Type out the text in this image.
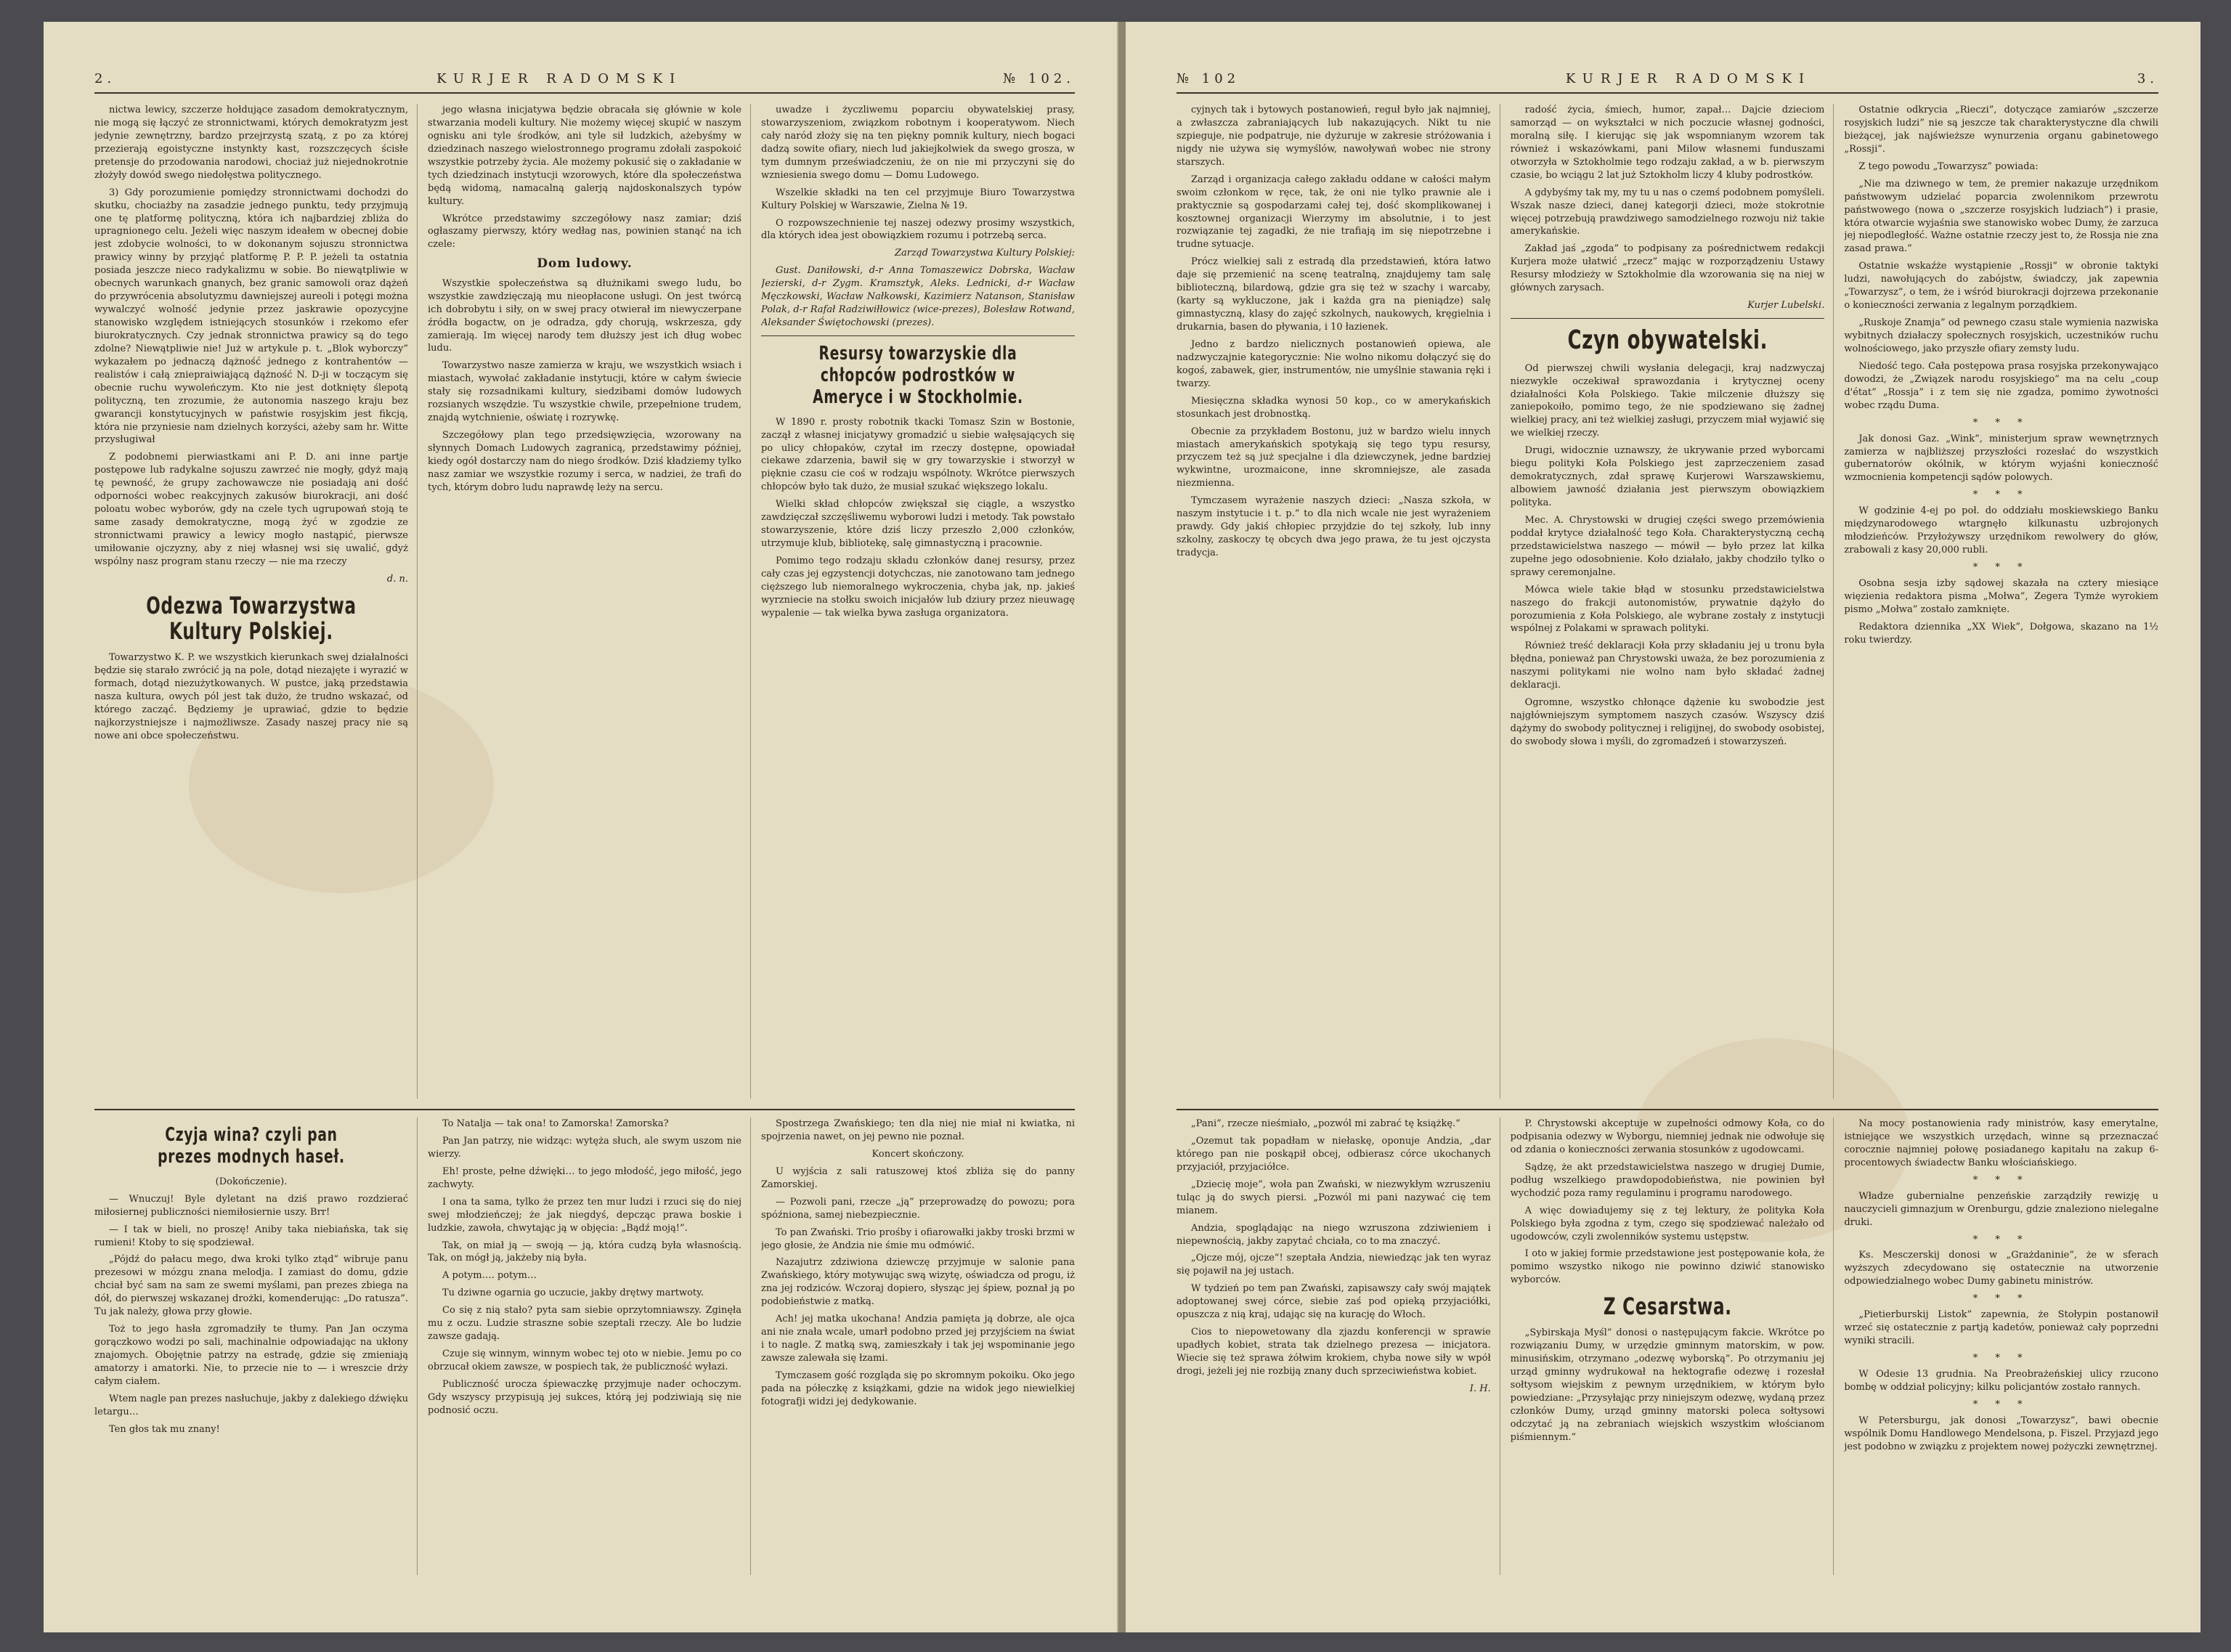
2.	KURJER RADOMSKI	№ 102.

nictwa lewicy, szczerze hołdujące zasadom demokratycznym, nie mogą się łączyć ze stronnictwami, których demokratyzm jest jedynie zewnętrzny, bardzo przejrzystą szatą, z po za której przezierają egoistyczne instynkty kast, rozszczęcych ścisłe pretensje do przodowania narodowi, chociaż już niejednokrotnie złożyły dowód swego niedołęstwa politycznego.

3) Gdy porozumienie pomiędzy stronnictwami dochodzi do skutku, chociażby na zasadzie jednego punktu, tedy przyjmują one tę platformę polityczną, która ich najbardziej zbliża do upragnionego celu. Jeżeli więc naszym ideałem w obecnej dobie jest zdobycie wolności, to w dokonanym sojuszu stronnictwa prawicy winny by przyjąć platformę P. P. P. jeżeli ta ostatnia posiada jeszcze nieco radykalizmu w sobie. Bo niewątpliwie w obecnych warunkach gnanych, bez granic samowoli oraz dążeń do przywrócenia absolutyzmu dawniejszej aureoli i potęgi można wywalczyć wolność jedynie przez jaskrawie opozycyjne stanowisko względem istniejących stosunków i rzekomo efer biurokratycznych. Czy jednak stronnictwa prawicy są do tego zdolne? Niewątpliwie nie! Już w artykule p. t. „Blok wyborczy” wykazałem po jednaczą dążność jednego z kontrahentów — realistów i całą zniepraiwiającą dążność N. D-ji w toczącym się obecnie ruchu wywoleńczym. Kto nie jest dotknięty ślepotą polityczną, ten zrozumie, że autonomia naszego kraju bez gwarancji konstytucyjnych w państwie rosyjskim jest fikcją, która nie przyniesie nam dzielnych korzyści, ażeby sam hr. Witte przysługiwał

Z podobnemi pierwiastkami ani P. D. ani inne partje postępowe lub radykalne sojuszu zawrzeć nie mogły, gdyż mają tę pewność, że grupy zachowawcze nie posiadają ani dość odporności wobec reakcyjnych zakusów biurokracji, ani dość poloatu wobec wyborów, gdy na czele tych ugrupowań stoją te same zasady demokratyczne, mogą żyć w zgodzie ze stronnictwami prawicy a lewicy mogło nastąpić, pierwsze umiłowanie ojczyzny, aby z niej własnej wsi się uwalić, gdyż wspólny nasz program stanu rzeczy — nie ma rzeczy

d. n.

Odezwa Towarzystwa Kultury Polskiej.

Towarzystwo K. P. we wszystkich kierunkach swej działalności będzie się starało zwrócić ją na pole, dotąd niezajęte i wyrazić w formach, dotąd niezużytkowanych. W pustce, jaką przedstawia nasza kultura, owych pól jest tak dużo, że trudno wskazać, od którego zacząć. Będziemy je uprawiać, gdzie to będzie najkorzystniejsze i najmożliwsze. Zasady naszej pracy nie są nowe ani obce społeczeństwu.

jego własna inicjatywa będzie obracała się głównie w kole stwarzania modeli kultury. Nie możemy więcej skupić w naszym ognisku ani tyle środków, ani tyle sił ludzkich, ażebyśmy w dziedzinach naszego wielostronnego programu zdołali zaspokoić wszystkie potrzeby życia. Ale możemy pokusić się o zakładanie w tych dziedzinach instytucji wzorowych, które dla społeczeństwa będą widomą, namacalną galerją najdoskonalszych typów kultury.

Wkrótce przedstawimy szczegółowy nasz zamiar; dziś ogłaszamy pierwszy, który wedłag nas, powinien stanąć na ich czele:

Dom ludowy.

Wszystkie społeczeństwa są dłużnikami swego ludu, bo wszystkie zawdzięczają mu nieopłacone usługi. On jest twórcą ich dobrobytu i siły, on w swej pracy otwierał im niewyczerpane źródła bogactw, on je odradza, gdy chorują, wskrzesza, gdy zamierają. Im więcej narody tem dłuższy jest ich dług wobec ludu.

Towarzystwo nasze zamierza w kraju, we wszystkich wsiach i miastach, wywołać zakładanie instytucji, które w całym świecie stały się rozsadnikami kultury, siedzibami domów ludowych rozsianych wszędzie. Tu wszystkie chwile, przepełnione trudem, znajdą wytchnienie, oświatę i rozrywkę.

Szczegółowy plan tego przedsięwzięcia, wzorowany na słynnych Domach Ludowych zagranicą, przedstawimy później, kiedy ogół dostarczy nam do niego środków. Dziś kładziemy tylko nasz zamiar we wszystkie rozumy i serca, w nadziei, że trafi do tych, którym dobro ludu naprawdę leży na sercu.

uwadze i życzliwemu poparciu obywatelskiej prasy, stowarzyszeniom, związkom robotnym i kooperatywom. Niech cały naród złoży się na ten piękny pomnik kultury, niech bogaci dadzą sowite ofiary, niech lud jakiejkolwiek da swego grosza, w tym dumnym przeświadczeniu, że on nie mi przyczyni się do wzniesienia swego domu — Domu Ludowego.

Wszelkie składki na ten cel przyjmuje Biuro Towarzystwa Kultury Polskiej w Warszawie, Zielna № 19.

O rozpowszechnienie tej naszej odezwy prosimy wszystkich, dla których idea jest obowiązkiem rozumu i potrzebą serca.

Zarząd Towarzystwa Kultury Polskiej:

Gust. Daniłowski, d-r Anna Tomaszewicz Dobrska, Wacław Jezierski, d-r Zygm. Kramsztyk, Aleks. Lednicki, d-r Wacław Męczkowski, Wacław Nałkowski, Kazimierz Natanson, Stanisław Polak, d-r Rafał Radziwiłłowicz (wice-prezes), Bolesław Rotwand, Aleksander Świętochowski (prezes).

Resursy towarzyskie dla chłopców podrostków w Ameryce i w Stockholmie.

W 1890 r. prosty robotnik tkacki Tomasz Szin w Bostonie, zaczął z własnej inicjatywy gromadzić u siebie wałęsających się po ulicy chłopaków, czytał im rzeczy dostępne, opowiadał ciekawe zdarzenia, bawił się w gry towarzyskie i stworzył w pięknie czasu cie coś w rodzaju wspólnoty. Wkrótce pierwszych chłopców było tak dużo, że musiał szukać większego lokalu.

Wielki skład chłopców zwiększał się ciągle, a wszystko zawdzięczał szczęśliwemu wyborowi ludzi i metody. Tak powstało stowarzyszenie, które dziś liczy przeszło 2,000 członków, utrzymuje klub, bibliotekę, salę gimnastyczną i pracownie.

Pomimo tego rodzaju składu członków danej resursy, przez cały czas jej egzystencji dotychczas, nie zanotowano tam jednego cięższego lub niemoralnego wykroczenia, chyba jak, np. jakieś wyrzniecie na stołku swoich inicjałów lub dziury przez nieuwagę wypalenie — tak wielka bywa zasługa organizatora.

Czyja wina? czyli pan prezes modnych haseł.

(Dokończenie).

— Wnuczuj! Byle dyletant na dziś prawo rozdzierać miłosiernej publiczności niemiłosiernie uszy. Brr!

— I tak w bieli, no proszę! Aniby taka niebiańska, tak się rumieni! Ktoby to się spodziewał.

„Pójdź do pałacu mego, dwa kroki tylko ztąd” wibruje panu prezesowi w mózgu znana melodja. I zamiast do domu, gdzie chciał być sam na sam ze swemi myślami, pan prezes zbiega na dół, do pierwszej wskazanej drożki, komenderując: „Do ratusza”. Tu jak należy, głowa przy głowie.

Toż to jego hasła zgromadziły te tłumy. Pan Jan oczyma gorączkowo wodzi po sali, machinalnie odpowiadając na ukłony znajomych. Obojętnie patrzy na estradę, gdzie się zmieniają amatorzy i amatorki. Nie, to przecie nie to — i wreszcie drży całym ciałem.

Wtem nagle pan prezes nasłuchuje, jakby z dalekiego dźwięku letargu…

Ten głos tak mu znany!

To Natalja — tak ona! to Zamorska! Zamorska?

Pan Jan patrzy, nie widząc: wytęża słuch, ale swym uszom nie wierzy.

Eh! proste, pełne dźwięki… to jego młodość, jego miłość, jego zachwyty.

I ona ta sama, tylko że przez ten mur ludzi i rzuci się do niej swej młodzieńczej; że jak niegdyś, depcząc prawa boskie i ludzkie, zawoła, chwytając ją w objęcia: „Bądź moją!”.

Tak, on miał ją — swoją — ją, która cudzą była własnością. Tak, on mógł ją, jakżeby nią była.

A potym…. potym…

Tu dziwne ogarnia go uczucie, jakby drętwy martwoty.

Co się z nią stało? pyta sam siebie oprzytomniawszy. Zginęła mu z oczu. Ludzie straszne sobie szeptali rzeczy. Ale bo ludzie zawsze gadają.

Czuje się winnym, winnym wobec tej oto w niebie. Jemu po co obrzucał okiem zawsze, w pospiech tak, że publiczność wyłazi.

Publiczność urocza śpiewaczkę przyjmuje nader ochoczym. Gdy wszyscy przypisują jej sukces, którą jej podziwiają się nie podnosić oczu.

Spostrzega Zwańskiego; ten dla niej nie miał ni kwiatka, ni spojrzenia nawet, on jej pewno nie poznał.

Koncert skończony.

U wyjścia z sali ratuszowej ktoś zbliża się do panny Zamorskiej.

— Pozwoli pani, rzecze „ją” przeprowadzę do powozu; pora spóźniona, samej niebezpiecznie.

To pan Zwański. Trio prośby i ofiarowałki jakby troski brzmi w jego głosie, że Andzia nie śmie mu odmówić.

Nazajutrz zdziwiona dziewczę przyjmuje w salonie pana Zwańskiego, który motywując swą wizytę, oświadcza od progu, iż zna jej rodziców. Wczoraj dopiero, słysząc jej śpiew, poznał ją po podobieństwie z matką.

Ach! jej matka ukochana! Andzia pamięta ją dobrze, ale ojca ani nie znała wcale, umarł podobno przed jej przyjściem na świat i to nagle. Z matką swą, zamieszkały i tak jej wspominanie jego zawsze zalewała się łzami.

Tymczasem gość rozgląda się po skromnym pokoiku. Oko jego pada na półeczkę z książkami, gdzie na widok jego niewielkiej fotografji widzi jej dedykowanie.

№ 102	KURJER RADOMSKI	3.

cyjnych tak i bytowych postanowień, reguł było jak najmniej, a zwłaszcza zabraniających lub nakazujących. Nikt tu nie szpieguje, nie podpatruje, nie dyżuruje w zakresie stróżowania i nigdy nie używa się wymyślów, nawoływań wobec nie strony starszych.

Zarząd i organizacja całego zakładu oddane w całości małym swoim członkom w ręce, tak, że oni nie tylko prawnie ale i praktycznie są gospodarzami całej tej, dość skomplikowanej i kosztownej organizacji Wierzymy im absolutnie, i to jest rozwiązanie tej zagadki, że nie trafiają im się niepotrzebne i trudne sytuacje.

Prócz wielkiej sali z estradą dla przedstawień, która łatwo daje się przemienić na scenę teatralną, znajdujemy tam salę biblioteczną, bilardową, gdzie gra się też w szachy i warcaby, (karty są wykluczone, jak i każda gra na pieniądze) salę gimnastyczną, klasy do zajęć szkolnych, naukowych, kręgielnia i drukarnia, basen do pływania, i 10 łazienek.

Jedno z bardzo nielicznych postanowień opiewa, ale nadzwyczajnie kategorycznie: Nie wolno nikomu dołączyć się do kogoś, zabawek, gier, instrumentów, nie umyślnie stawania ręki i twarzy.

Miesięczna składka wynosi 50 kop., co w amerykańskich stosunkach jest drobnostką.

Obecnie za przykładem Bostonu, już w bardzo wielu innych miastach amerykańskich spotykają się tego typu resursy, przyczem też są już specjalne i dla dziewczynek, jedne bardziej wykwintne, urozmaicone, inne skromniejsze, ale zasada niezmienna.

Tymczasem wyrażenie naszych dzieci: „Nasza szkoła, w naszym instytucie i t. p.” to dla nich wcale nie jest wyrażeniem prawdy. Gdy jakiś chłopiec przyjdzie do tej szkoły, lub inny szkolny, zaskoczy tę obcych dwa jego prawa, że tu jest ojczysta tradycja.

radość życia, śmiech, humor, zapał… Dajcie dzieciom samorząd — on wykształci w nich poczucie własnej godności, moralną siłę. I kierując się jak wspomnianym wzorem tak również i wskazówkami, pani Milow własnemi funduszami otworzyła w Sztokholmie tego rodzaju zakład, a w b. pierwszym czasie, bo wciągu 2 lat już Sztokholm liczy 4 kluby podrostków.

A gdybyśmy tak my, my tu u nas o czemś podobnem pomyśleli. Wszak nasze dzieci, danej kategorji dzieci, może stokrotnie więcej potrzebują prawdziwego samodzielnego rozwoju niż takie amerykańskie.

Zakład jaś „zgoda” to podpisany za pośrednictwem redakcji Kurjera może ułatwić „rzecz” mając w rozporządzeniu Ustawy Resursy młodzieży w Sztokholmie dla wzorowania się na niej w głównych zarysach.

Kurjer Lubelski.

Czyn obywatelski.

Od pierwszej chwili wysłania delegacji, kraj nadzwyczaj niezwykle oczekiwał sprawozdania i krytycznej oceny działalności Koła Polskiego. Takie milczenie dłuższy się zaniepokoiło, pomimo tego, że nie spodziewano się żadnej wielkiej pracy, ani też wielkiej zasługi, przyczem miał wyjawić się we wielkiej rzeczy.

Drugi, widocznie uznawszy, że ukrywanie przed wyborcami biegu polityki Koła Polskiego jest zaprzeczeniem zasad demokratycznych, zdał sprawę Kurjerowi Warszawskiemu, albowiem jawność działania jest pierwszym obowiązkiem polityka.

Mec. A. Chrystowski w drugiej części swego przemówienia poddał krytyce działalność tego Koła. Charakterystyczną cechą przedstawicielstwa naszego — mówił — było przez lat kilka zupełne jego odosobnienie. Koło działało, jakby chodziło tylko o sprawy ceremonjalne.

Mówca wiele takie błąd w stosunku przedstawicielstwa naszego do frakcji autonomistów, prywatnie dążyło do porozumienia z Koła Polskiego, ale wybrane zostały z instytucji wspólnej z Polakami w sprawach polityki.

Również treść deklaracji Koła przy składaniu jej u tronu była błędna, ponieważ pan Chrystowski uważa, że bez porozumienia z naszymi politykami nie wolno nam było składać żadnej deklaracji.

Ogromne, wszystko chłonące dążenie ku swobodzie jest najgłówniejszym symptomem naszych czasów. Wszyscy dziś dążymy do swobody politycznej i religijnej, do swobody osobistej, do swobody słowa i myśli, do zgromadzeń i stowarzyszeń.

Ostatnie odkrycia „Rieczi”, dotyczące zamiarów „szczerze rosyjskich ludzi” nie są jeszcze tak charakterystyczne dla chwili bieżącej, jak najświeższe wynurzenia organu gabinetowego „Rossji”.

Z tego powodu „Towarzysz” powiada:

„Nie ma dziwnego w tem, że premier nakazuje urzędnikom państwowym udzielać poparcia zwolennikom przewrotu państwowego (nowa o „szczerze rosyjskich ludziach”) i prasie, która otwarcie wyjaśnia swe stanowisko wobec Dumy, że zarzuca jej niepodległość. Ważne ostatnie rzeczy jest to, że Rossja nie zna zasad prawa.”

Ostatnie wskaźże wystąpienie „Rossji” w obronie taktyki ludzi, nawołujących do zabójstw, świadczy, jak zapewnia „Towarzysz”, o tem, że i wśród biurokracji dojrzewa przekonanie o konieczności zerwania z legalnym porządkiem.

„Ruskoje Znamja” od pewnego czasu stale wymienia nazwiska wybitnych działaczy społecznych rosyjskich, uczestników ruchu wolnościowego, jako przyszłe ofiary zemsty ludu.

Niedość tego. Cała postępowa prasa rosyjska przekonywająco dowodzi, że „Związek narodu rosyjskiego” ma na celu „coup d'état” „Rossja” i z tem się nie zgadza, pomimo żywotności wobec rządu Duma.

* * *

Jak donosi Gaz. „Wink”, ministerjum spraw wewnętrznych zamierza w najbliższej przyszłości rozesłać do wszystkich gubernatorów okólnik, w którym wyjaśni konieczność wzmocnienia kompetencji sądów polowych.

* * *

W godzinie 4-ej po poł. do oddziału moskiewskiego Banku międzynarodowego wtargnęło kilkunastu uzbrojonych młodzieńców. Przyłożywszy urzędnikom rewolwery do głów, zrabowali z kasy 20,000 rubli.

* * *

Osobna sesja izby sądowej skazała na cztery miesiące więzienia redaktora pisma „Mołwa”, Zegera Tymże wyrokiem pismo „Mołwa” zostało zamknięte.

Redaktora dziennika „XX Wiek”, Dołgowa, skazano na 1½ roku twierdzy.

„Pani”, rzecze nieśmiało, „pozwól mi zabrać tę książkę.”

„Ozemut tak popadłam w niełaskę, oponuje Andzia, „dar którego pan nie poskąpił obcej, odbierasz córce ukochanych przyjaciół, przyjaciółce.

„Dziecię moje”, woła pan Zwański, w niezwykłym wzruszeniu tuląc ją do swych piersi. „Pozwól mi pani nazywać cię tem mianem.

Andzia, spoglądając na niego wzruszona zdziwieniem i niepewnością, jakby zapytać chciała, co to ma znaczyć.

„Ojcze mój, ojcze”! szeptała Andzia, niewiedząc jak ten wyraz się pojawił na jej ustach.

W tydzień po tem pan Zwański, zapisawszy cały swój majątek adoptowanej swej córce, siebie zaś pod opieką przyjaciółki, opuszcza z nią kraj, udając się na kurację do Włoch.

Cios to niepowetowany dla zjazdu konferencji w sprawie upadłych kobiet, strata tak dzielnego prezesa — inicjatora. Wiecie się też sprawa żółwim krokiem, chyba nowe siły w wpół drogi, jeżeli jej nie rozbiją znany duch sprzeciwieństwa kobiet.

I. H.

P. Chrystowski akceptuje w zupełności odmowy Koła, co do podpisania odezwy w Wyborgu, niemniej jednak nie odwołuje się od zdania o konieczności zerwania stosunków z ugodowcami.

Sądzę, że akt przedstawicielstwa naszego w drugiej Dumie, podług wszelkiego prawdopodobieństwa, nie powinien był wychodzić poza ramy regulaminu i programu narodowego.

A więc dowiadujemy się z tej lektury, że polityka Koła Polskiego była zgodna z tym, czego się spodziewać należało od ugodowców, czyli zwolenników systemu ustępstw.

I oto w jakiej formie przedstawione jest postępowanie koła, że pomimo wszystko nikogo nie powinno dziwić stanowisko wyborców.

Z Cesarstwa.

„Sybirskaja Myśl” donosi o następującym fakcie. Wkrótce po rozwiązaniu Dumy, w urzędzie gminnym matorskim, w pow. minusińskim, otrzymano „odezwę wyborską”. Po otrzymaniu jej urząd gminny wydrukował na hektografie odezwę i rozesłał sołtysom wiejskim z pewnym urzędnikiem, w którym było powiedziane: „Przysyłając przy niniejszym odezwę, wydaną przez członków Dumy, urząd gminny matorski poleca sołtysowi odczytać ją na zebraniach wiejskich wszystkim włościanom piśmiennym.”

Na mocy postanowienia rady ministrów, kasy emerytalne, istniejące we wszystkich urzędach, winne są przeznaczać corocznie najmniej połowę posiadanego kapitału na zakup 6-procentowych świadectw Banku włościańskiego.

* * *

Władze gubernialne penzeńskie zarządziły rewizję u nauczycieli gimnazjum w Orenburgu, gdzie znaleziono nielegalne druki.

* * *

Ks. Mesczerskij donosi w „Grażdaninie”, że w sferach wyższych zdecydowano się ostatecznie na utworzenie odpowiedzialnego wobec Dumy gabinetu ministrów.

* * *

„Pietierburskij Listok” zapewnia, że Stołypin postanowił wrzeć się ostatecznie z partją kadetów, ponieważ cały poprzedni wyniki stracili.

* * *

W Odesie 13 grudnia. Na Preobrażeńskiej ulicy rzucono bombę w oddział policyjny; kilku policjantów zostało rannych.

* * *

W Petersburgu, jak donosi „Towarzysz”, bawi obecnie wspólnik Domu Handlowego Mendelsona, p. Fiszel. Przyjazd jego jest podobno w związku z projektem nowej pożyczki zewnętrznej.
